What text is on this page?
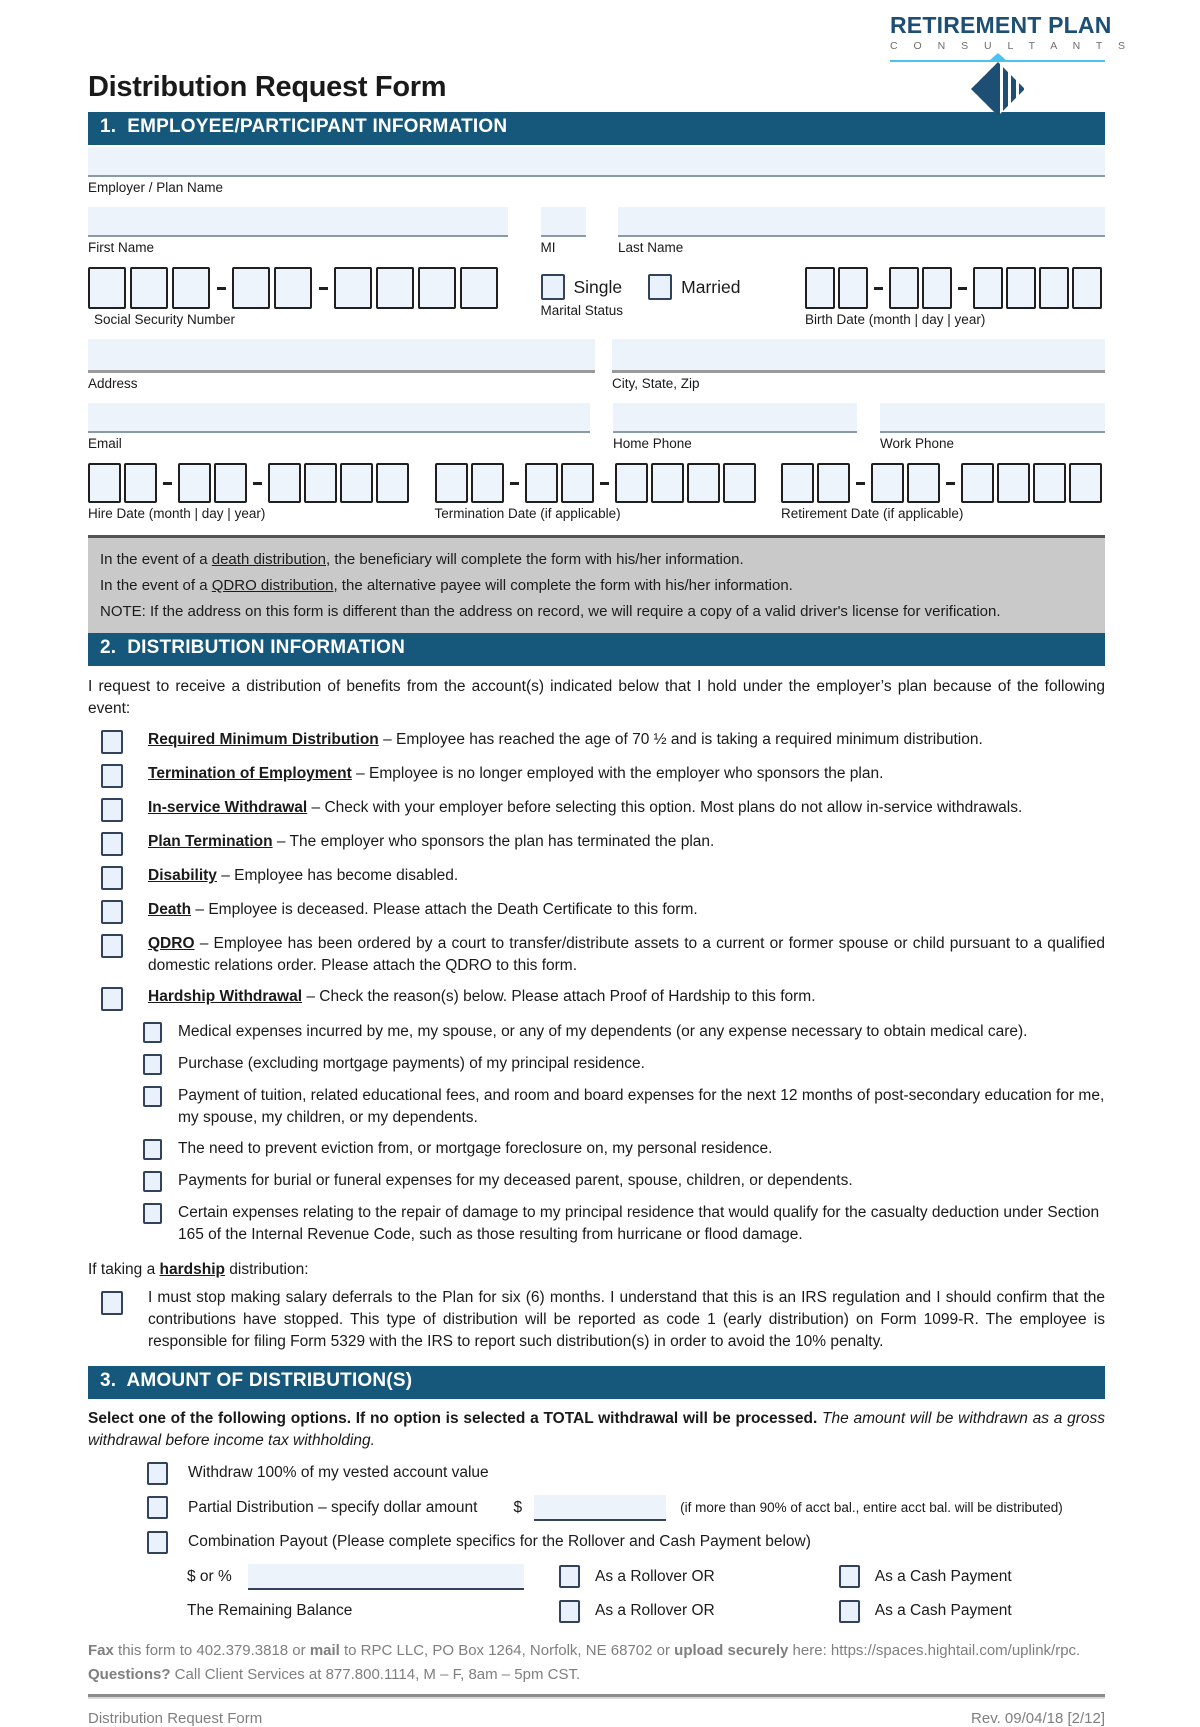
Distribution Request Form
RETIREMENT PLAN
C O N S U L T A N T S
1.  EMPLOYEE/PARTICIPANT INFORMATION
Employer / Plan Name
First Name	MI	Last Name
Social Security Number
Single	Married
Marital Status
Birth Date (month | day | year)
Address	City, State, Zip
Email	Home Phone	Work Phone
Hire Date (month | day | year)	Termination Date (if applicable)	Retirement Date (if applicable)
In the event of a death distribution, the beneficiary will complete the form with his/her information.
In the event of a QDRO distribution, the alternative payee will complete the form with his/her information.
NOTE: If the address on this form is different than the address on record, we will require a copy of a valid driver's license for verification.
2.  DISTRIBUTION INFORMATION
I request to receive a distribution of benefits from the account(s) indicated below that I hold under the employer’s plan because of the following event:
Required Minimum Distribution – Employee has reached the age of 70 ½ and is taking a required minimum distribution.
Termination of Employment – Employee is no longer employed with the employer who sponsors the plan.
In-service Withdrawal – Check with your employer before selecting this option. Most plans do not allow in-service withdrawals.
Plan Termination – The employer who sponsors the plan has terminated the plan.
Disability – Employee has become disabled.
Death – Employee is deceased. Please attach the Death Certificate to this form.
QDRO – Employee has been ordered by a court to transfer/distribute assets to a current or former spouse or child pursuant to a qualified domestic relations order. Please attach the QDRO to this form.
Hardship Withdrawal – Check the reason(s) below. Please attach Proof of Hardship to this form.
Medical expenses incurred by me, my spouse, or any of my dependents (or any expense necessary to obtain medical care).
Purchase (excluding mortgage payments) of my principal residence.
Payment of tuition, related educational fees, and room and board expenses for the next 12 months of post-secondary education for me, my spouse, my children, or my dependents.
The need to prevent eviction from, or mortgage foreclosure on, my personal residence.
Payments for burial or funeral expenses for my deceased parent, spouse, children, or dependents.
Certain expenses relating to the repair of damage to my principal residence that would qualify for the casualty deduction under Section 165 of the Internal Revenue Code, such as those resulting from hurricane or flood damage.
If taking a hardship distribution:
I must stop making salary deferrals to the Plan for six (6) months. I understand that this is an IRS regulation and I should confirm that the contributions have stopped. This type of distribution will be reported as code 1 (early distribution) on Form 1099-R. The employee is responsible for filing Form 5329 with the IRS to report such distribution(s) in order to avoid the 10% penalty.
3.  AMOUNT OF DISTRIBUTION(S)
Select one of the following options. If no option is selected a TOTAL withdrawal will be processed. The amount will be withdrawn as a gross withdrawal before income tax withholding.
Withdraw 100% of my vested account value
Partial Distribution – specify dollar amount $	(if more than 90% of acct bal., entire acct bal. will be distributed)
Combination Payout (Please complete specifics for the Rollover and Cash Payment below)
$ or %	As a Rollover OR	As a Cash Payment
The Remaining Balance	As a Rollover OR	As a Cash Payment
Fax this form to 402.379.3818 or mail to RPC LLC, PO Box 1264, Norfolk, NE 68702 or upload securely here: https://spaces.hightail.com/uplink/rpc.
Questions? Call Client Services at 877.800.1114, M – F, 8am – 5pm CST.
Distribution Request Form	Rev. 09/04/18 [2/12]
